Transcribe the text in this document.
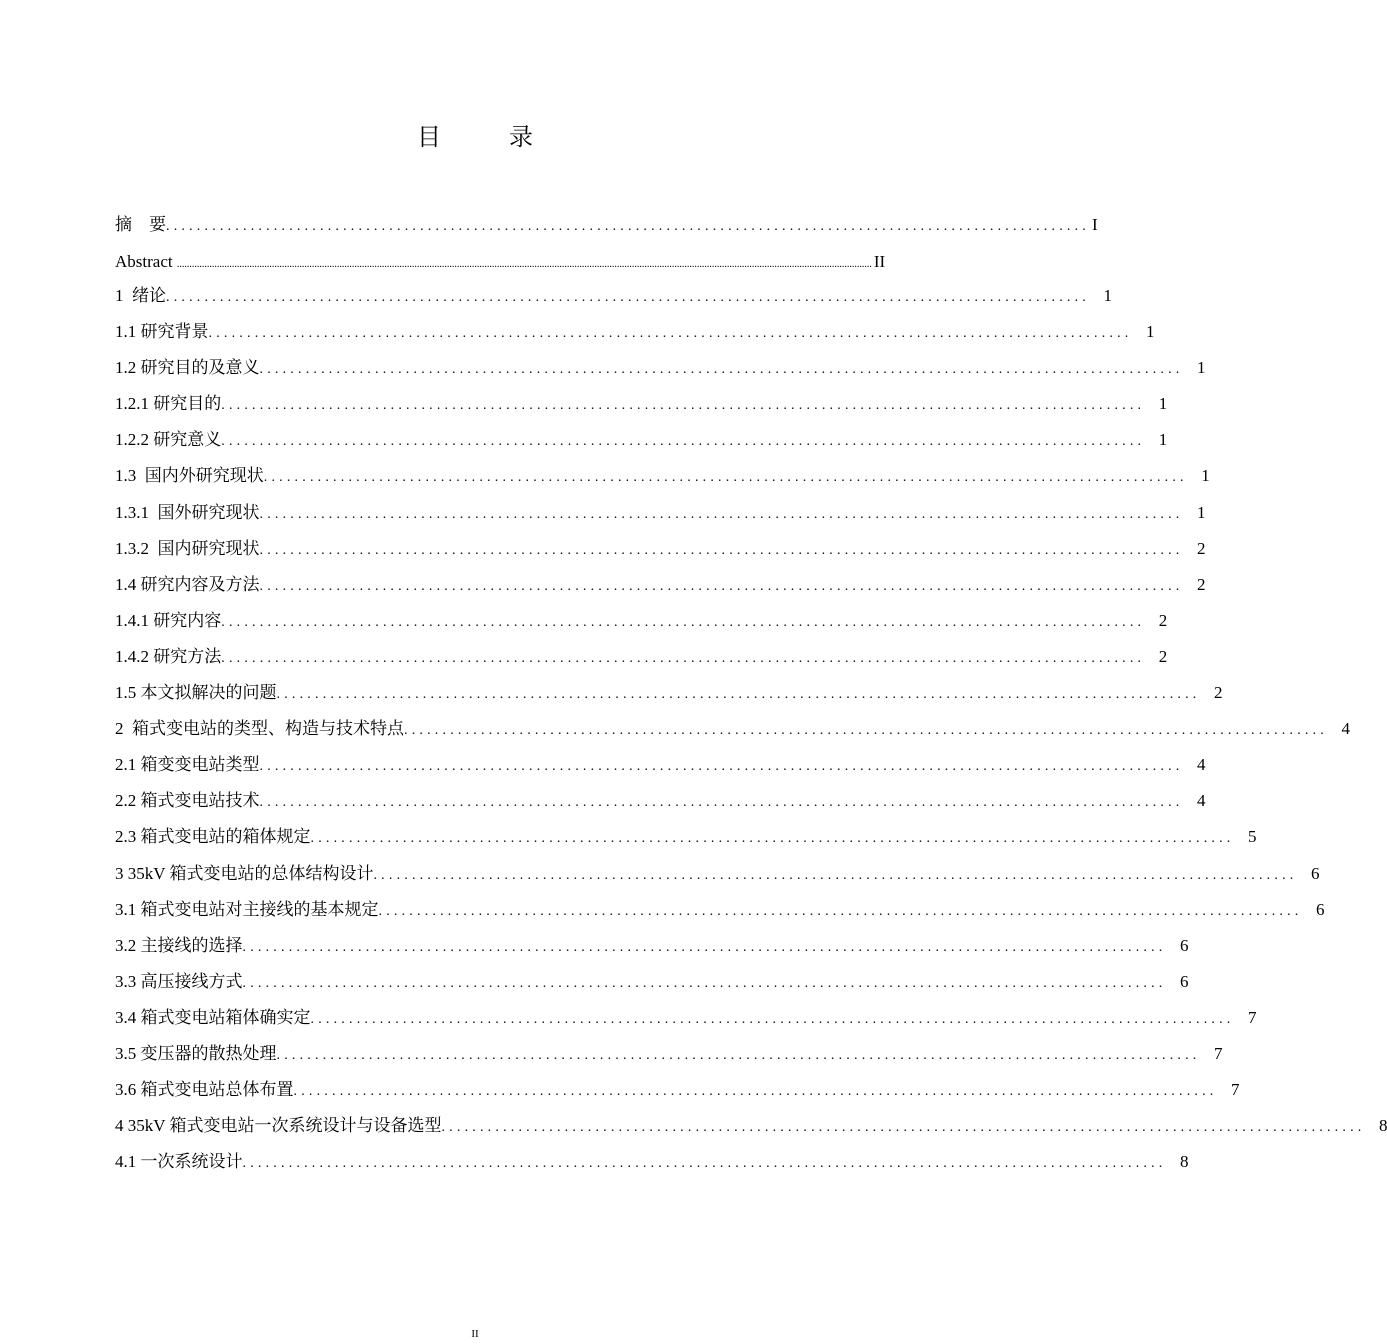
目　录
摘　要 ........................................................................................................................ I
Abstract ...................................................................................................................................................................................................................................................................................... II
1  绪论 ........................................................................................................................ 1
1.1 研究背景 ........................................................................................................................ 1
1.2 研究目的及意义 ........................................................................................................................ 1
1.2.1 研究目的 ........................................................................................................................ 1
1.2.2 研究意义 ........................................................................................................................ 1
1.3  国内外研究现状 ........................................................................................................................ 1
1.3.1  国外研究现状 ........................................................................................................................ 1
1.3.2  国内研究现状 ........................................................................................................................ 2
1.4 研究内容及方法 ........................................................................................................................ 2
1.4.1 研究内容 ........................................................................................................................ 2
1.4.2 研究方法 ........................................................................................................................ 2
1.5 本文拟解决的问题 ........................................................................................................................ 2
2  箱式变电站的类型、构造与技术特点 ........................................................................................................................ 4
2.1 箱变变电站类型 ........................................................................................................................ 4
2.2 箱式变电站技术 ........................................................................................................................ 4
2.3 箱式变电站的箱体规定 ........................................................................................................................ 5
3 35kV 箱式变电站的总体结构设计 ........................................................................................................................ 6
3.1 箱式变电站对主接线的基本规定 ........................................................................................................................ 6
3.2 主接线的选择 ........................................................................................................................ 6
3.3 高压接线方式 ........................................................................................................................ 6
3.4 箱式变电站箱体确实定 ........................................................................................................................ 7
3.5 变压器的散热处理 ........................................................................................................................ 7
3.6 箱式变电站总体布置 ........................................................................................................................ 7
4 35kV 箱式变电站一次系统设计与设备选型 ........................................................................................................................ 8
4.1 一次系统设计 ........................................................................................................................ 8
II
